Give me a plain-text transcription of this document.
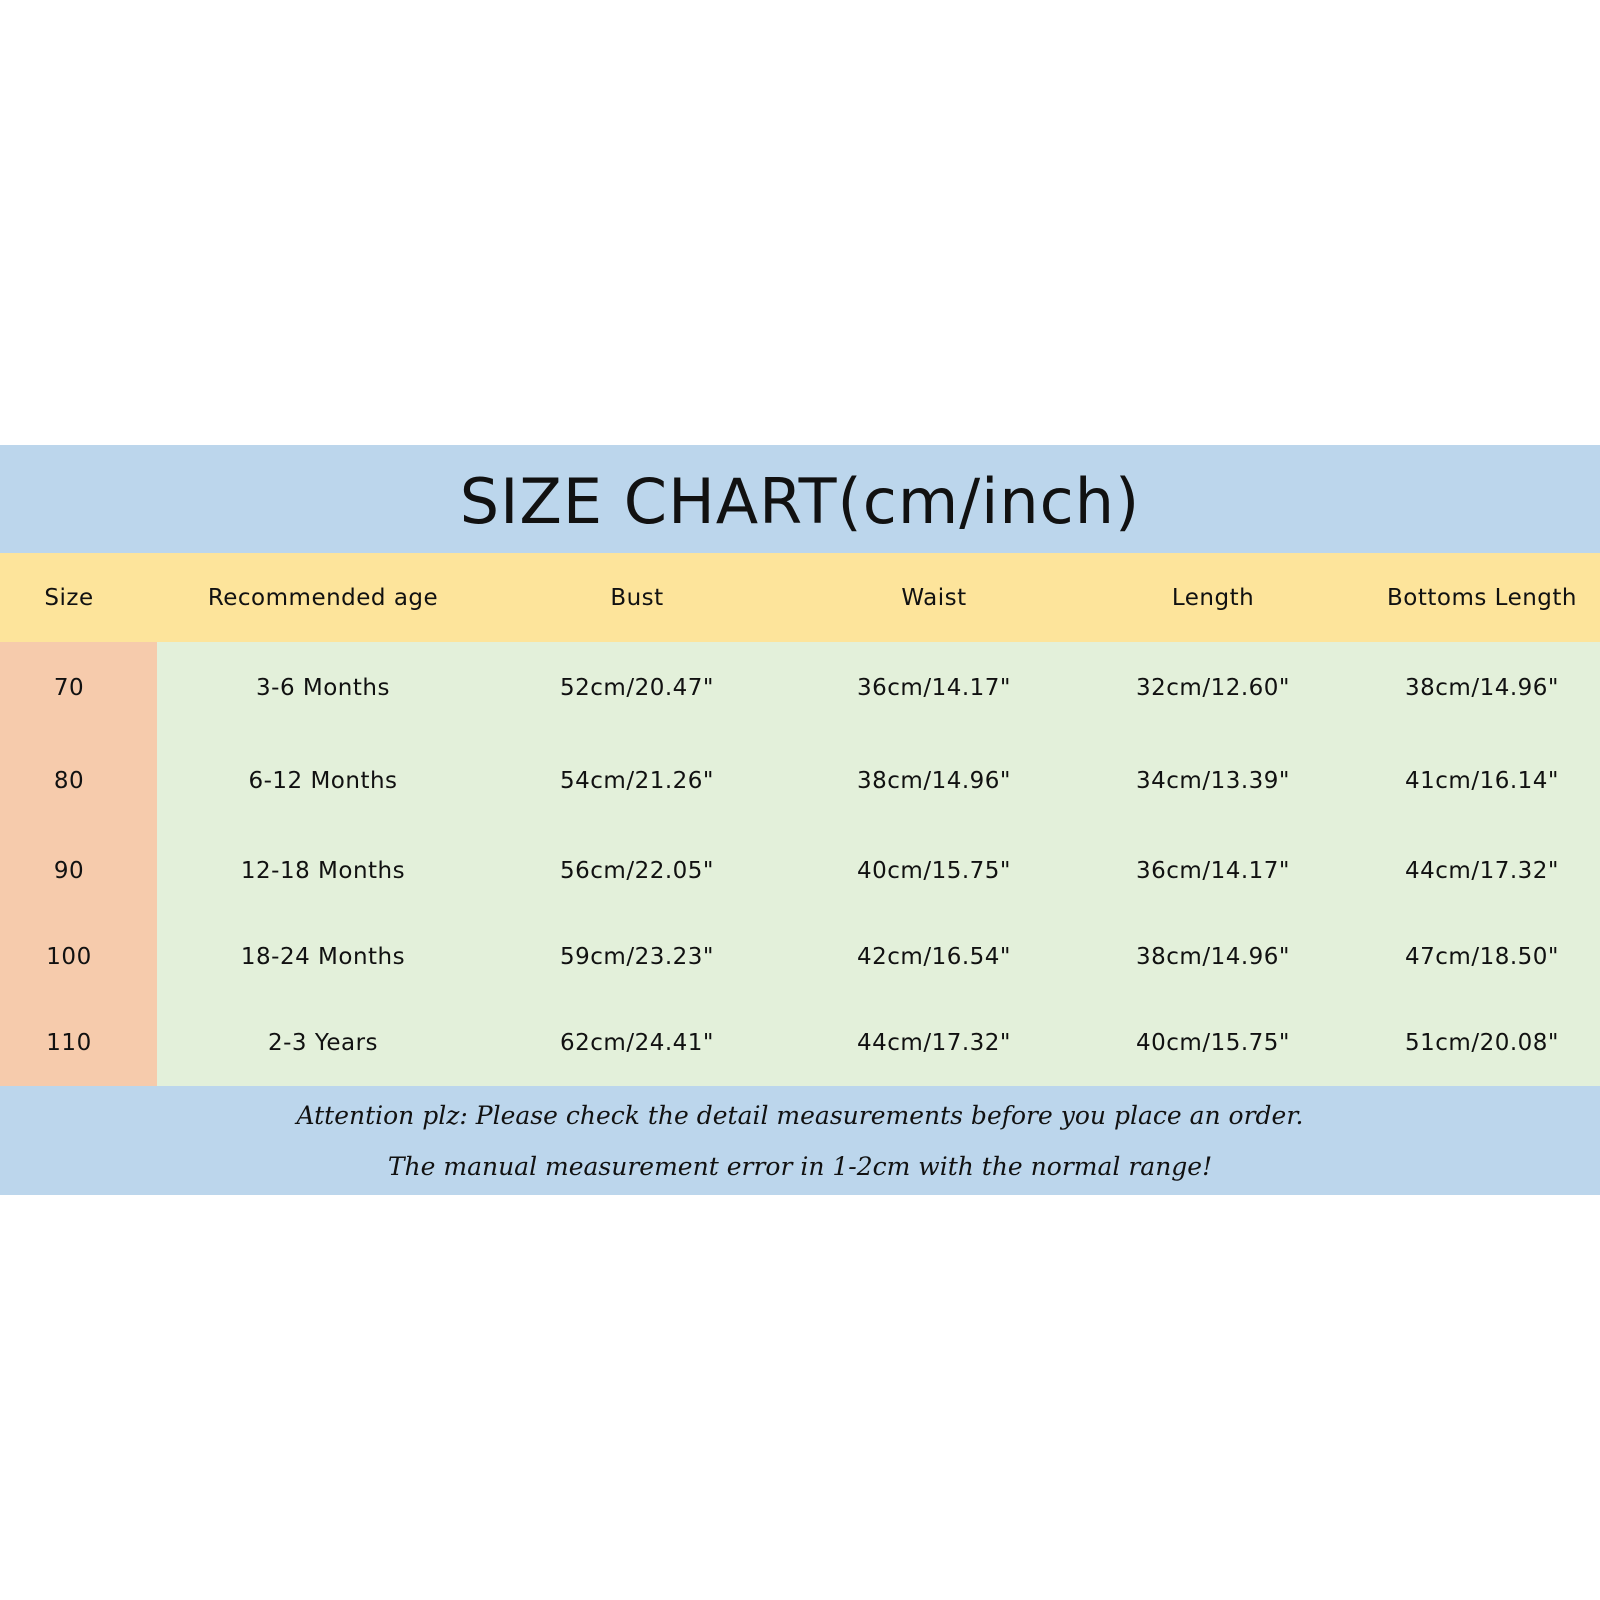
SIZE CHART(cm/inch)
Size	Recommended age	Bust	Waist	Length	Bottoms Length
70	3-6 Months	52cm/20.47"	36cm/14.17"	32cm/12.60"	38cm/14.96"
80	6-12 Months	54cm/21.26"	38cm/14.96"	34cm/13.39"	41cm/16.14"
90	12-18 Months	56cm/22.05"	40cm/15.75"	36cm/14.17"	44cm/17.32"
100	18-24 Months	59cm/23.23"	42cm/16.54"	38cm/14.96"	47cm/18.50"
110	2-3 Years	62cm/24.41"	44cm/17.32"	40cm/15.75"	51cm/20.08"
Attention plz: Please check the detail measurements before you place an order.
The manual measurement error in 1-2cm with the normal range!
